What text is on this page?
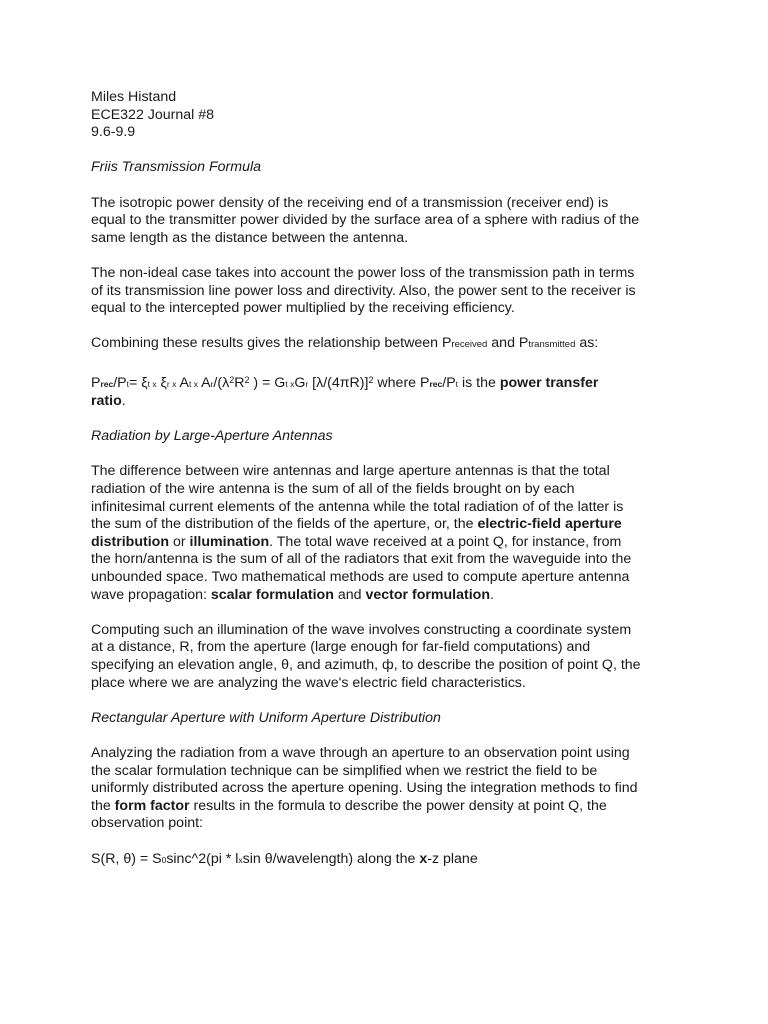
Miles Histand
ECE322 Journal #8
9.6-9.9
Friis Transmission Formula
The isotropic power density of the receiving end of a transmission (receiver end) is
equal to the transmitter power divided by the surface area of a sphere with radius of the
same length as the distance between the antenna.
The non-ideal case takes into account the power loss of the transmission path in terms
of its transmission line power loss and directivity. Also, the power sent to the receiver is
equal to the intercepted power multiplied by the receiving efficiency.
Combining these results gives the relationship between Preceived and Ptransmitted as:
Prec/Pt= ξt x ξr x At x $Ar/(\lambda^2R^2$ ) = Gt xGr $[\lambda/(4\pi R)]^2$ where Prec/Pt is the power transfer
ratio.
Radiation by Large-Aperture Antennas
The difference between wire antennas and large aperture antennas is that the total
radiation of the wire antenna is the sum of all of the fields brought on by each
infinitesimal current elements of the antenna while the total radiation of of the latter is
the sum of the distribution of the fields of the aperture, or, the electric-field aperture
distribution or illumination. The total wave received at a point Q, for instance, from
the horn/antenna is the sum of all of the radiators that exit from the waveguide into the
unbounded space. Two mathematical methods are used to compute aperture antenna
wave propagation: scalar formulation and vector formulation.
Computing such an illumination of the wave involves constructing a coordinate system
at a distance, R, from the aperture (large enough for far-field computations) and
specifying an elevation angle, θ, and azimuth, ф, to describe the position of point Q, the
place where we are analyzing the wave's electric field characteristics.
Rectangular Aperture with Uniform Aperture Distribution
Analyzing the radiation from a wave through an aperture to an observation point using
the scalar formulation technique can be simplified when we restrict the field to be
uniformly distributed across the aperture opening. Using the integration methods to find
the form factor results in the formula to describe the power density at point Q, the
observation point:
S(R, θ) = S0sinc^2(pi * lxsin θ/wavelength) along the x-z plane
